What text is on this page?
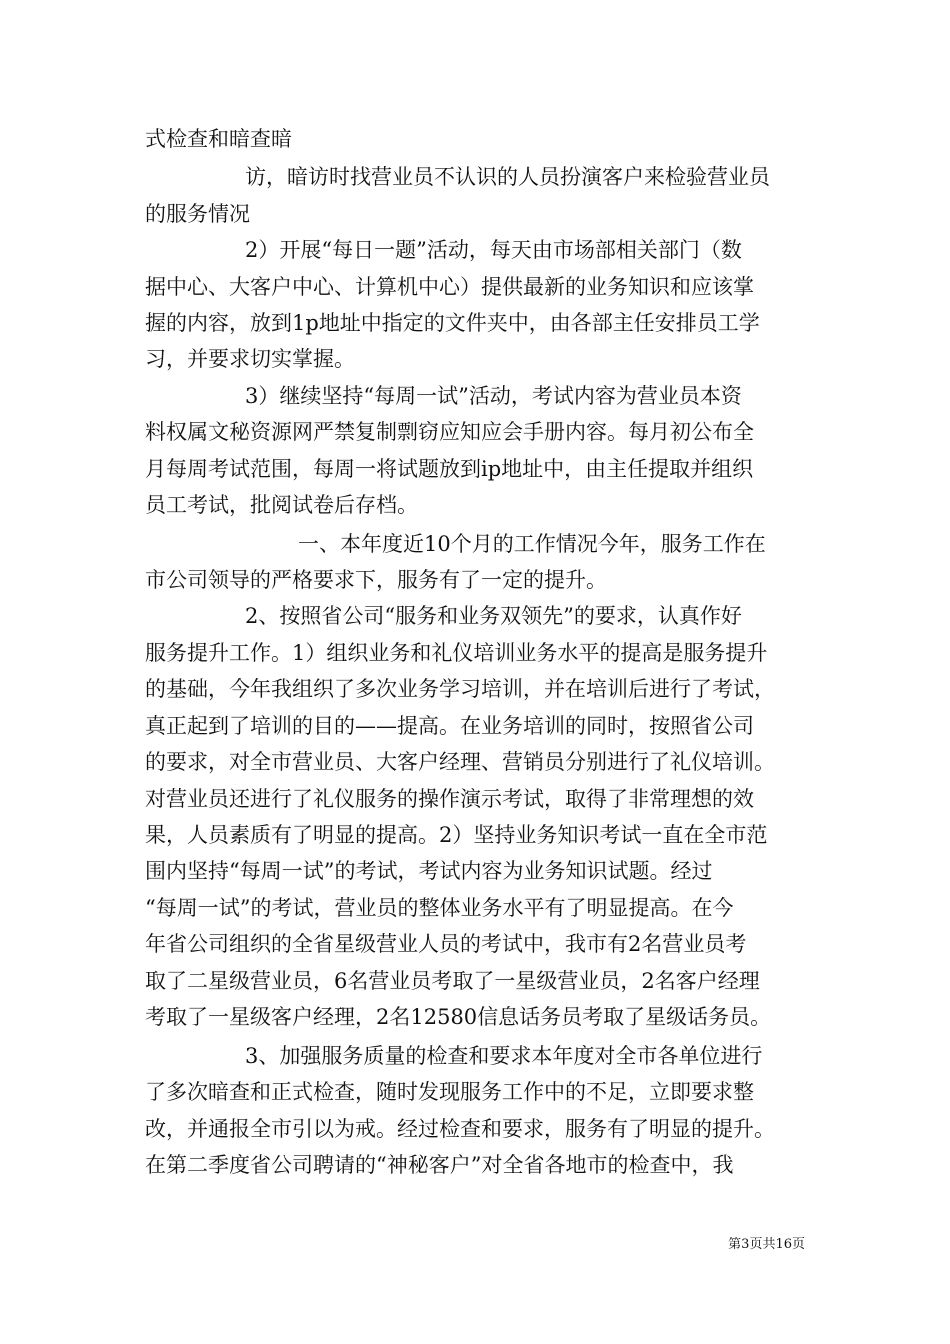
式检查和暗查暗
访，暗访时找营业员不认识的人员扮演客户来检验营业员
的服务情况
2）开展“每日一题”活动，每天由市场部相关部门（数
据中心、大客户中心、计算机中心）提供最新的业务知识和应该掌
握的内容，放到1p地址中指定的文件夹中，由各部主任安排员工学
习，并要求切实掌握。
3）继续坚持“每周一试”活动，考试内容为营业员本资
料权属文秘资源网严禁复制剽窃应知应会手册内容。每月初公布全
月每周考试范围，每周一将试题放到ip地址中，由主任提取并组织
员工考试，批阅试卷后存档。
一、本年度近10个月的工作情况今年，服务工作在
市公司领导的严格要求下，服务有了一定的提升。
2、按照省公司“服务和业务双领先”的要求，认真作好
服务提升工作。1）组织业务和礼仪培训业务水平的提高是服务提升
的基础，今年我组织了多次业务学习培训，并在培训后进行了考试，
真正起到了培训的目的——提高。在业务培训的同时，按照省公司
的要求，对全市营业员、大客户经理、营销员分别进行了礼仪培训。
对营业员还进行了礼仪服务的操作演示考试，取得了非常理想的效
果，人员素质有了明显的提高。2）坚持业务知识考试一直在全市范
围内坚持“每周一试”的考试，考试内容为业务知识试题。经过
“每周一试”的考试，营业员的整体业务水平有了明显提高。在今
年省公司组织的全省星级营业人员的考试中，我市有2名营业员考
取了二星级营业员，6名营业员考取了一星级营业员，2名客户经理
考取了一星级客户经理，2名12580信息话务员考取了星级话务员。
3、加强服务质量的检查和要求本年度对全市各单位进行
了多次暗查和正式检查，随时发现服务工作中的不足，立即要求整
改，并通报全市引以为戒。经过检查和要求，服务有了明显的提升。
在第二季度省公司聘请的“神秘客户”对全省各地市的检查中，我
第3页共16页
